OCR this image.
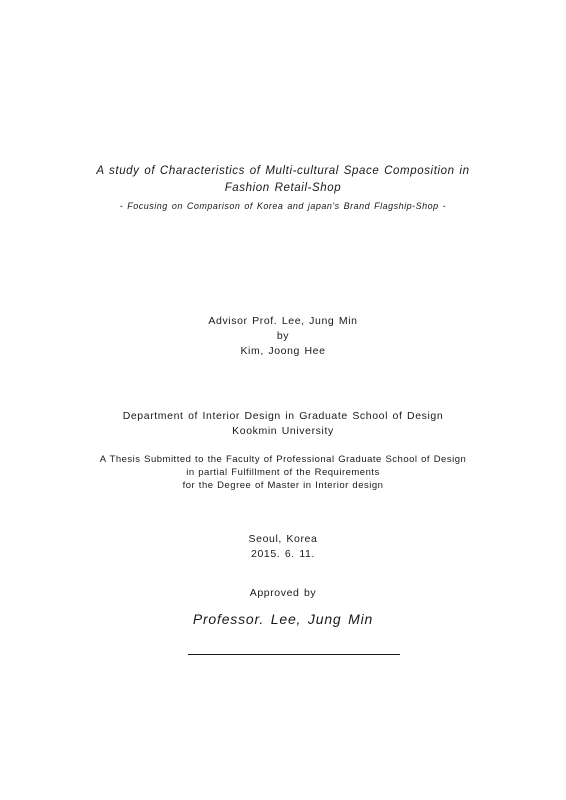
A study of Characteristics of Multi-cultural Space Composition in

Fashion Retail-Shop

- Focusing on Comparison of Korea and japan's Brand Flagship-Shop -

Advisor Prof. Lee, Jung Min

by

Kim, Joong Hee

Department of Interior Design in Graduate School of Design

Kookmin University

A Thesis Submitted to the Faculty of Professional Graduate School of Design

in partial Fulfillment of the Requirements

for the Degree of Master in Interior design

Seoul, Korea

2015. 6. 11.

Approved by

Professor. Lee, Jung Min
